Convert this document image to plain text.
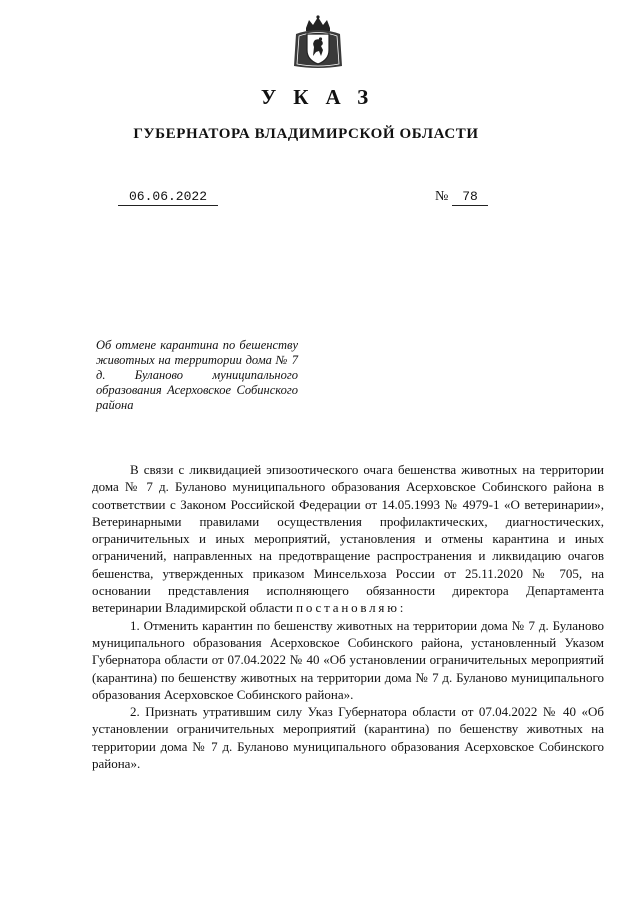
УКАЗ
ГУБЕРНАТОРА ВЛАДИМИРСКОЙ ОБЛАСТИ
06.06.2022	№	78
Об отмене карантина по бешенству животных на территории дома № 7 д. Буланово муниципального образования Асерховское Собинского района

В связи с ликвидацией эпизоотического очага бешенства животных на территории дома № 7 д. Буланово муниципального образования Асерховское Собинского района в соответствии с Законом Российской Федерации от 14.05.1993 № 4979-1 «О ветеринарии», Ветеринарными правилами осуществления профилактических, диагностических, ограничительных и иных мероприятий, установления и отмены карантина и иных ограничений, направленных на предотвращение распространения и ликвидацию очагов бешенства, утвержденных приказом Минсельхоза России от 25.11.2020 № 705, на основании представления исполняющего обязанности директора Департамента ветеринарии Владимирской области постановляю:

1. Отменить карантин по бешенству животных на территории дома № 7 д. Буланово муниципального образования Асерховское Собинского района, установленный Указом Губернатора области от 07.04.2022 № 40 «Об установлении ограничительных мероприятий (карантина) по бешенству животных на территории дома № 7 д. Буланово муниципального образования Асерховское Собинского района».

2. Признать утратившим силу Указ Губернатора области от 07.04.2022 № 40 «Об установлении ограничительных мероприятий (карантина) по бешенству животных на территории дома № 7 д. Буланово муниципального образования Асерховское Собинского района».
